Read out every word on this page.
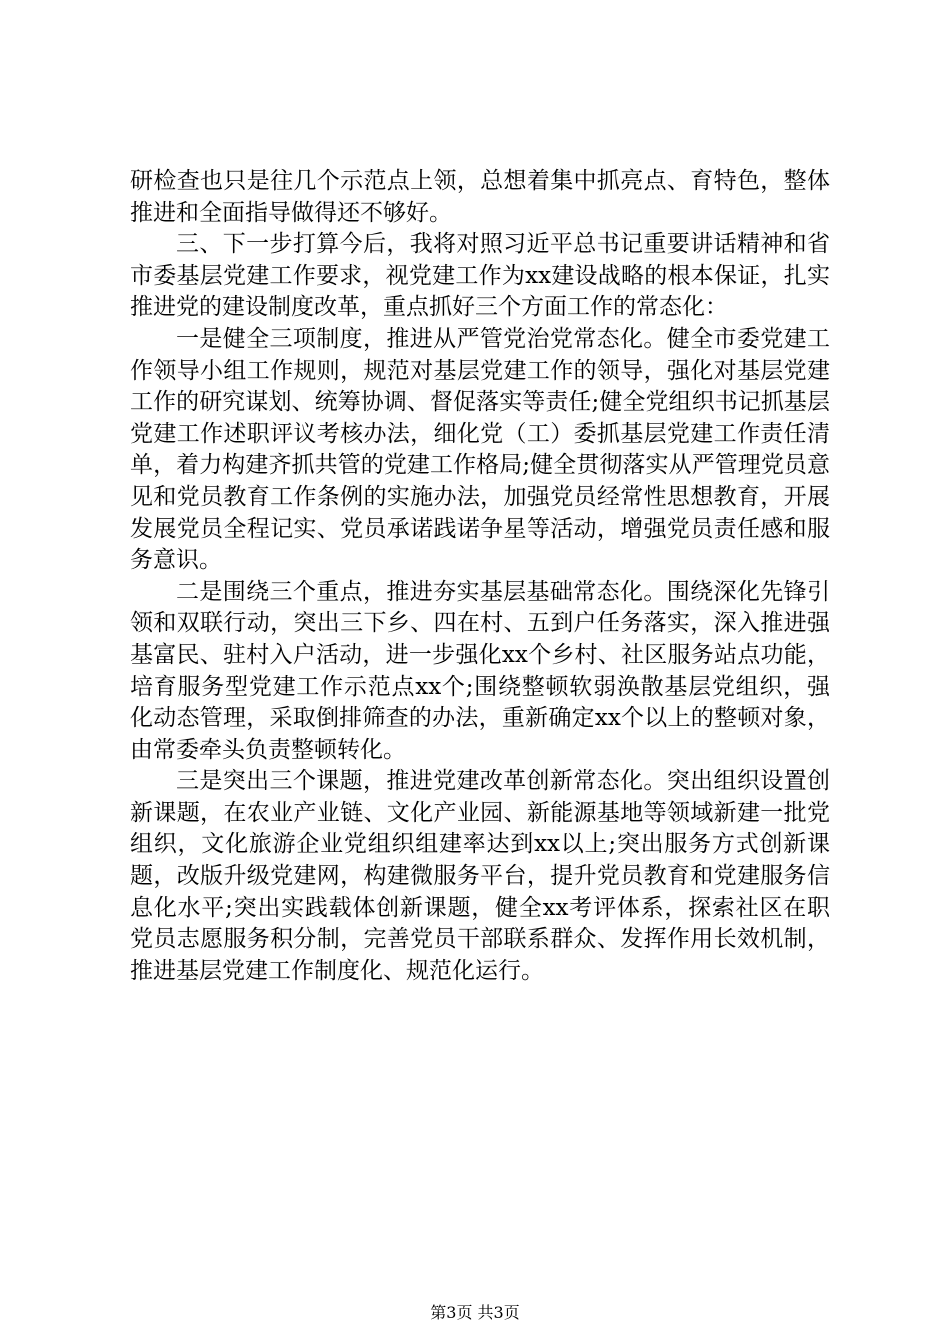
研检查也只是往几个示范点上领，总想着集中抓亮点、育特色，整体推进和全面指导做得还不够好。

三、下一步打算今后，我将对照习近平总书记重要讲话精神和省市委基层党建工作要求，视党建工作为xx建设战略的根本保证，扎实推进党的建设制度改革，重点抓好三个方面工作的常态化：

一是健全三项制度，推进从严管党治党常态化。健全市委党建工作领导小组工作规则，规范对基层党建工作的领导，强化对基层党建工作的研究谋划、统筹协调、督促落实等责任;健全党组织书记抓基层党建工作述职评议考核办法，细化党（工）委抓基层党建工作责任清单，着力构建齐抓共管的党建工作格局;健全贯彻落实从严管理党员意见和党员教育工作条例的实施办法，加强党员经常性思想教育，开展发展党员全程记实、党员承诺践诺争星等活动，增强党员责任感和服务意识。

二是围绕三个重点，推进夯实基层基础常态化。围绕深化先锋引领和双联行动，突出三下乡、四在村、五到户任务落实，深入推进强基富民、驻村入户活动，进一步强化xx个乡村、社区服务站点功能，培育服务型党建工作示范点xx个;围绕整顿软弱涣散基层党组织，强化动态管理，采取倒排筛查的办法，重新确定xx个以上的整顿对象，由常委牵头负责整顿转化。

三是突出三个课题，推进党建改革创新常态化。突出组织设置创新课题，在农业产业链、文化产业园、新能源基地等领域新建一批党组织，文化旅游企业党组织组建率达到xx以上;突出服务方式创新课题，改版升级党建网，构建微服务平台，提升党员教育和党建服务信息化水平;突出实践载体创新课题，健全xx考评体系，探索社区在职党员志愿服务积分制，完善党员干部联系群众、发挥作用长效机制，推进基层党建工作制度化、规范化运行。

第3页 共3页
